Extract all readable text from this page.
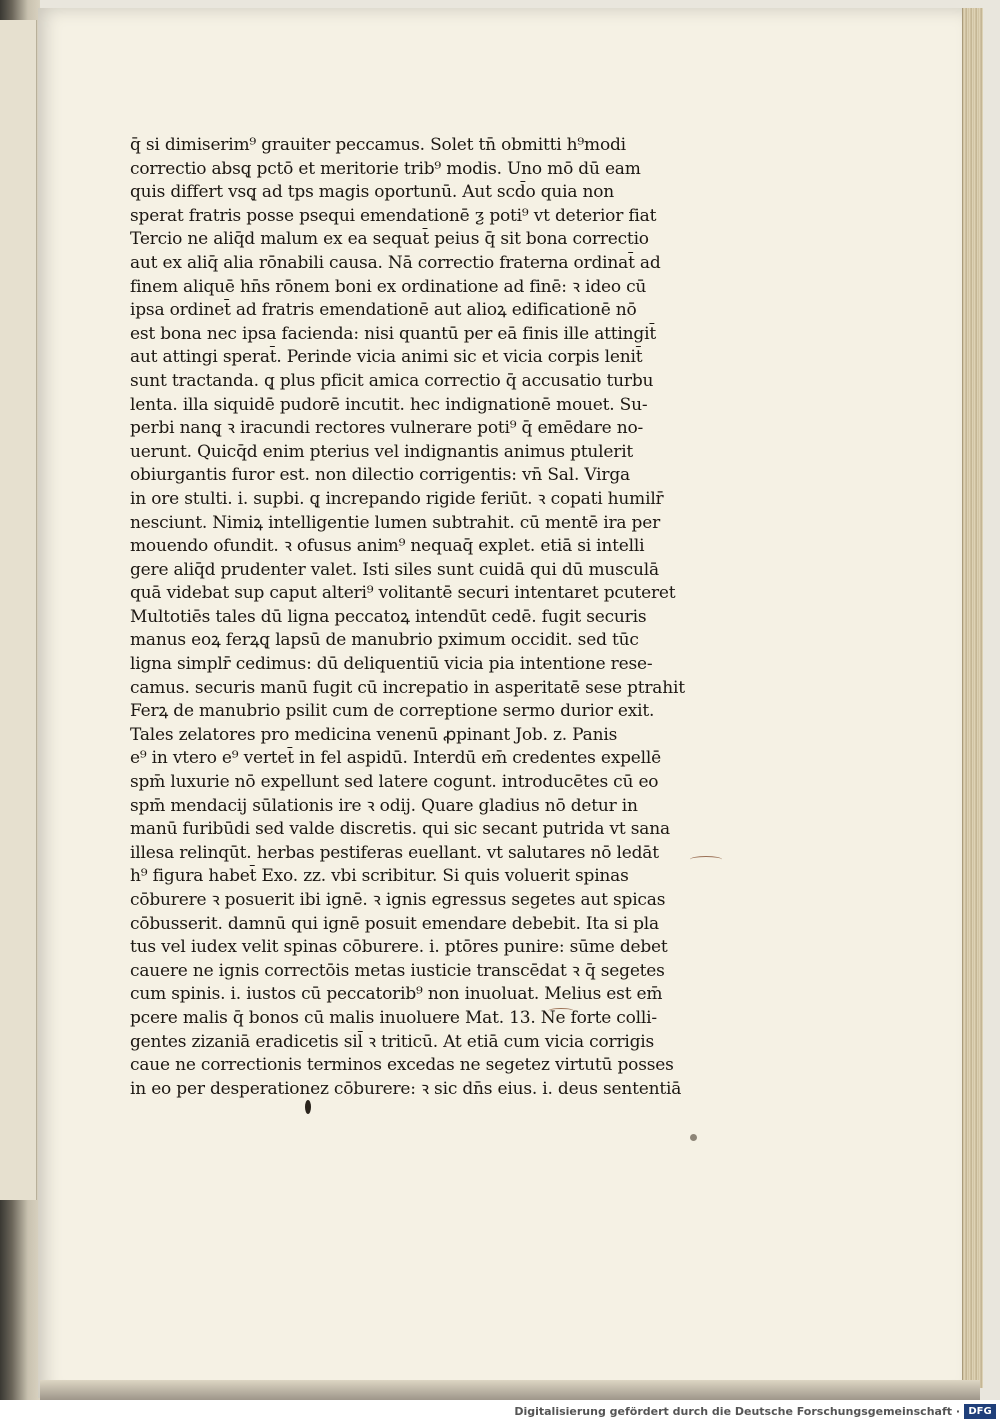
q̄ si dimiserim⁹ grauiter peccamus. Solet tn̄ obmitti h⁹modi
correctio absq̨ pctō et meritorie trib⁹ modis. Uno mō dū eam
quis differt vsq̨ ad tps magis oportunū. Aut scd̄o quia non
sperat fratris posse psequi emendationē ƺ poti⁹ vt deterior fiat
Tercio ne aliq̄d malum ex ea sequat̄ peius q̄ sit bona correctio
aut ex aliq̄ alia rōnabili causa. Nā correctio fraterna ordinat̄ ad
finem aliquē hn̄s rōnem boni ex ordinatione ad finē: ꝛ ideo cū
ipsa ordinet̄ ad fratris emendationē aut alioꝝ edificationē nō
est bona nec ipsa facienda: nisi quantū per eā finis ille attingit̄
aut attingi sperat̄. Perinde vicia animi sic et vicia corpis lenit̄
sunt tractanda. q̨ plus pficit amica correctio q̄ accusatio turbu
lenta. illa siquidē pudorē incutit. hec indignationē mouet. Su-
perbi nanq̨ ꝛ iracundi rectores vulnerare poti⁹ q̄ emēdare no-
uerunt. Quicq̄d enim pterius vel indignantis animus ptulerit
obiurgantis furor est. non dilectio corrigentis: vn̄ Sal. Virga
in ore stulti. i. supbi. q̨ increpando rigide feriūt. ꝛ copati humilr̄
nesciunt. Nimiꝝ intelligentie lumen subtrahit. cū mentē ira per
mouendo ofundit. ꝛ ofusus anim⁹ nequaq̄ explet. etiā si intelli
gere aliq̄d prudenter valet. Isti siles sunt cuidā qui dū musculā
quā videbat sup caput alteri⁹ volitantē securi intentaret pcuteret
Multotiēs tales dū ligna peccatoꝝ intendūt cedē. fugit securis
manus eoꝝ ferꝝq̨ lapsū de manubrio pximum occidit. sed tūc
ligna simplr̄ cedimus: dū deliquentiū vicia pia intentione rese-
camus. securis manū fugit cū increpatio in asperitatē sese ptrahit
Ferꝝ de manubrio psilit cum de correptione sermo durior exit.
Tales zelatores pro medicina venenū ꝓpinant Job. z. Panis
e⁹ in vtero e⁹ vertet̄ in fel aspidū. Interdū em̄ credentes expellē
spm̄ luxurie nō expellunt sed latere cogunt. introducētes cū eo
spm̄ mendacij sūlationis ire ꝛ odij. Quare gladius nō detur in
manū furibūdi sed valde discretis. qui sic secant putrida vt sana
illesa relinqūt. herbas pestiferas euellant. vt salutares nō ledāt
h⁹ figura habet̄ Exo. zz. vbi scribitur. Si quis voluerit spinas
cōburere ꝛ posuerit ibi ignē. ꝛ ignis egressus segetes aut spicas
cōbusserit. damnū qui ignē posuit emendare debebit. Ita si pla
tus vel iudex velit spinas cōburere. i. ptōres punire: sūme debet
cauere ne ignis correctōis metas iusticie transcēdat ꝛ q̄ segetes
cum spinis. i. iustos cū peccatorib⁹ non inuoluat. Melius est em̄
pcere malis q̄ bonos cū malis inuoluere Mat. 13. Ne forte colli-
gentes zizaniā eradicetis sil̄ ꝛ triticū. At etiā cum vicia corrigis
caue ne correctionis terminos excedas ne segetez virtutū posses
in eo per desperationez cōburere: ꝛ sic dn̄s eius. i. deus sententiā
Digitalisierung gefördert durch die Deutsche Forschungsgemeinschaft · DFG
